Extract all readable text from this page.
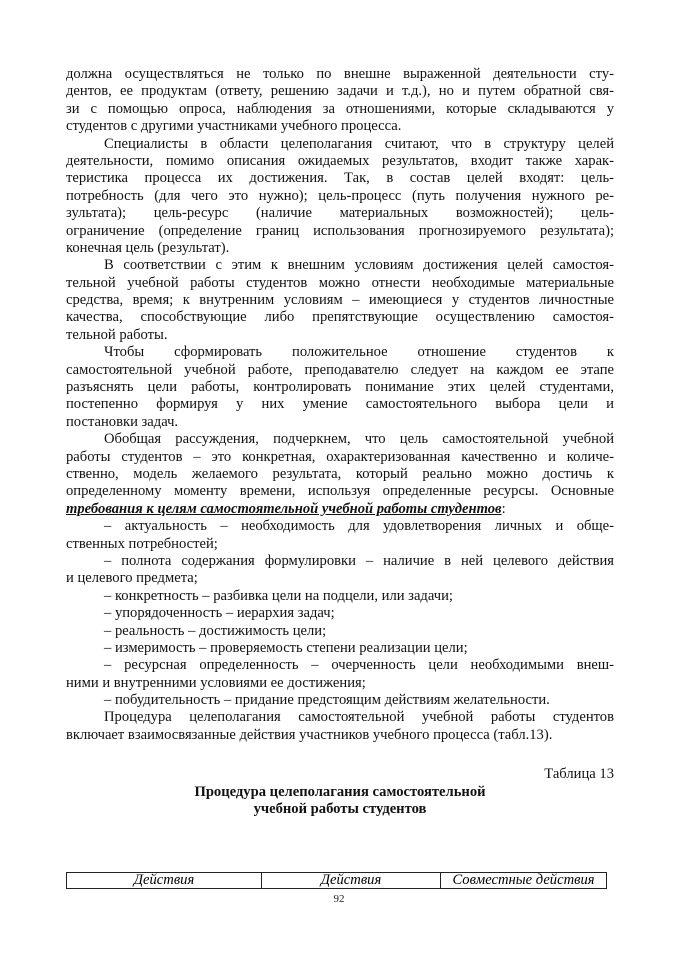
должна осуществляться не только по внешне выраженной деятельности сту-
дентов, ее продуктам (ответу, решению задачи и т.д.), но и путем обратной свя-
зи с помощью опроса, наблюдения за отношениями, которые складываются у
студентов с другими участниками учебного процесса.
Специалисты в области целеполагания считают, что в структуру целей
деятельности, помимо описания ожидаемых результатов, входит также харак-
теристика процесса их достижения. Так, в состав целей входят: цель-
потребность (для чего это нужно); цель-процесс (путь получения нужного ре-
зультата); цель-ресурс (наличие материальных возможностей); цель-
ограничение (определение границ использования прогнозируемого результата);
конечная цель (результат).
В соответствии с этим к внешним условиям достижения целей самостоя-
тельной учебной работы студентов можно отнести необходимые материальные
средства, время; к внутренним условиям – имеющиеся у студентов личностные
качества, способствующие либо препятствующие осуществлению самостоя-
тельной работы.
Чтобы сформировать положительное отношение студентов к
самостоятельной учебной работе, преподавателю следует на каждом ее этапе
разъяснять цели работы, контролировать понимание этих целей студентами,
постепенно формируя у них умение самостоятельного выбора цели и
постановки задач.
Обобщая рассуждения, подчеркнем, что цель самостоятельной учебной
работы студентов – это конкретная, охарактеризованная качественно и количе-
ственно, модель желаемого результата, который реально можно достичь к
определенному моменту времени, используя определенные ресурсы. Основные
требования к целям самостоятельной учебной работы студентов:
– актуальность – необходимость для удовлетворения личных и обще-
ственных потребностей;
– полнота содержания формулировки – наличие в ней целевого действия
и целевого предмета;
– конкретность – разбивка цели на подцели, или задачи;
– упорядоченность – иерархия задач;
– реальность – достижимость цели;
– измеримость – проверяемость степени реализации цели;
– ресурсная определенность – очерченность цели необходимыми внеш-
ними и внутренними условиями ее достижения;
– побудительность – придание предстоящим действиям желательности.
Процедура целеполагания самостоятельной учебной работы студентов
включает взаимосвязанные действия участников учебного процесса (табл.13).
Таблица 13
Процедура целеполагания самостоятельной
учебной работы студентов
Действия	Действия	Совместные действия
92
